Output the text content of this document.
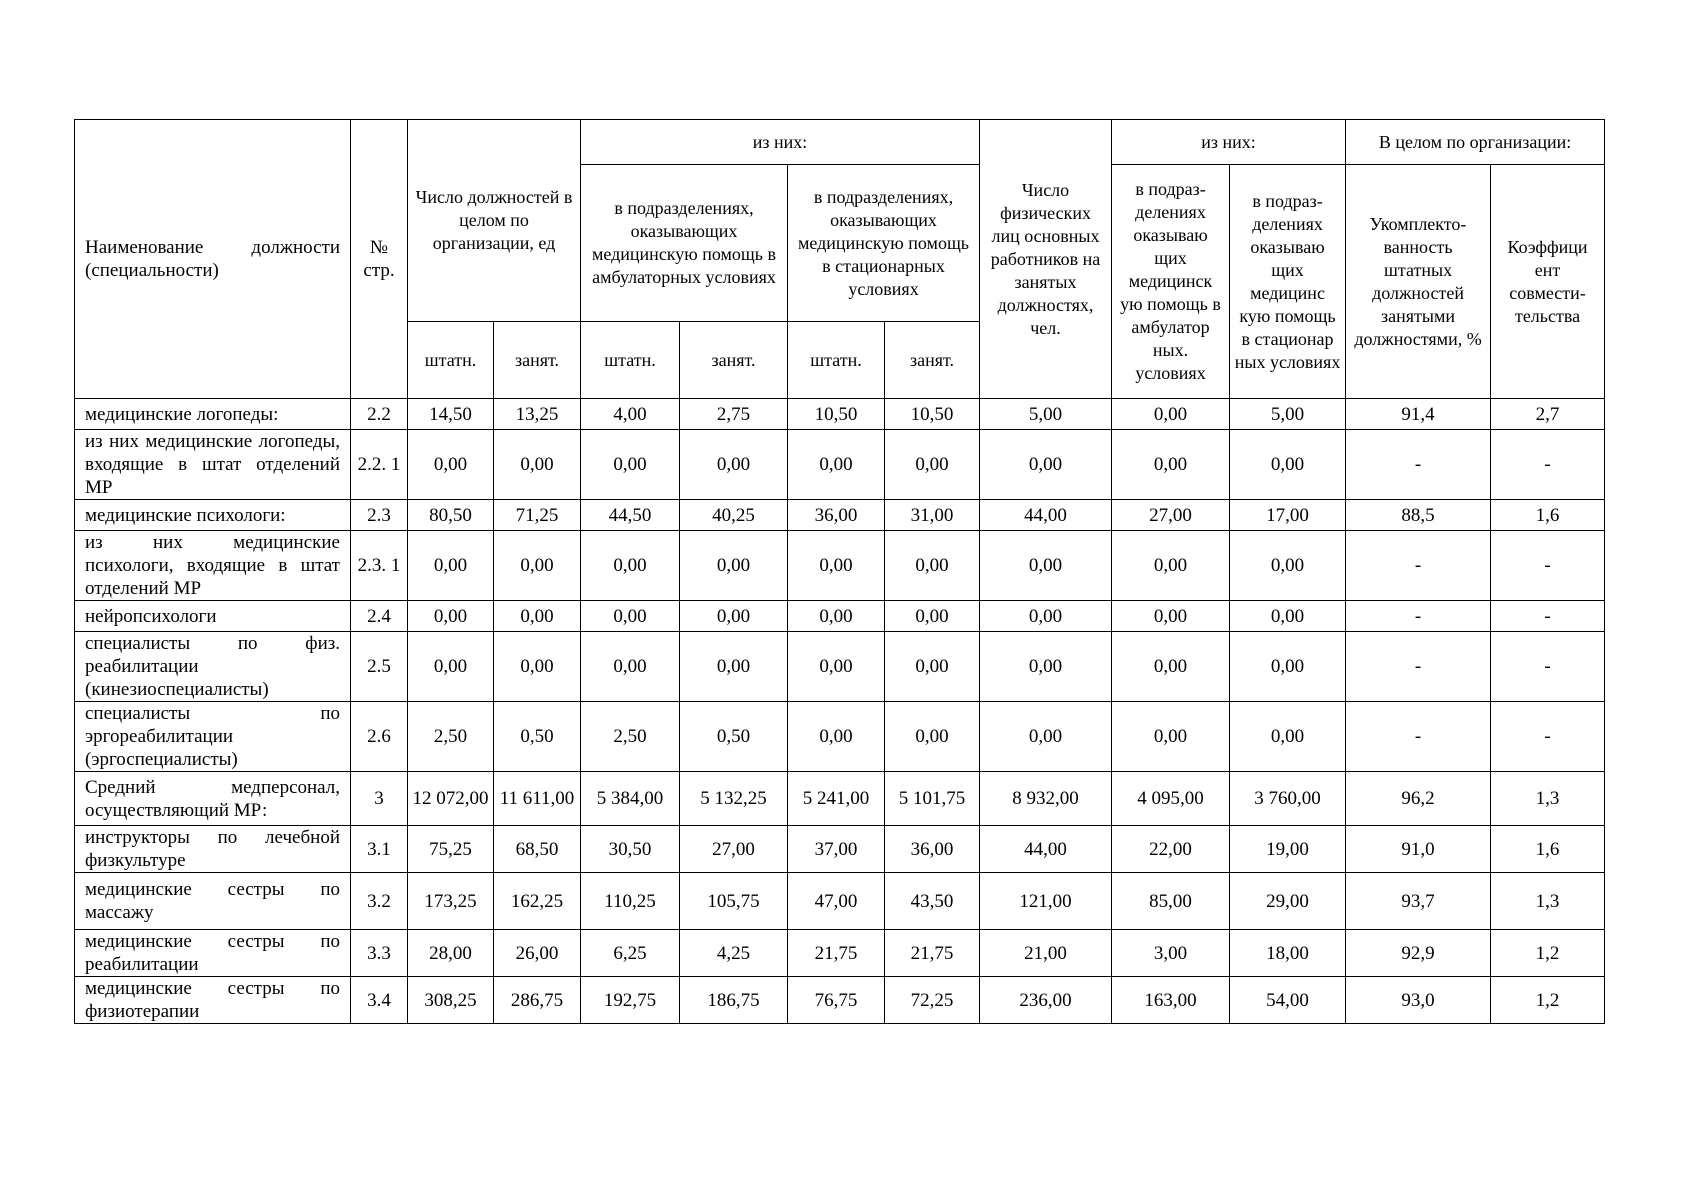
Наименование должности (специальности)	№ стр.	Число должностей в целом по организации, ед		из них:				Число физических лиц основных работников на занятых должностях, чел.	из них:		В целом по организации:	
				в подразделениях, оказывающих медицинскую помощь в амбулаторных условиях		в подразделениях, оказывающих медицинскую помощь в стационарных условиях			в подраз-делениях оказываю щих медицинск ую помощь в амбулатор ных. условиях	в подраз-делениях оказываю щих медицинс кую помощь в стационар ных условиях	Укомплекто-ванность штатных должностей занятыми должностями, %	Коэффици ент совмести-тельства
		штатн.	занят.	штатн.	занят.	штатн.	занят.					
медицинские логопеды:	2.2	14,50	13,25	4,00	2,75	10,50	10,50	5,00	0,00	5,00	91,4	2,7
из них медицинские логопеды, входящие в штат отделений МР	2.2. 1	0,00	0,00	0,00	0,00	0,00	0,00	0,00	0,00	0,00	-	-
медицинские психологи:	2.3	80,50	71,25	44,50	40,25	36,00	31,00	44,00	27,00	17,00	88,5	1,6
из них медицинские психологи, входящие в штат отделений МР	2.3. 1	0,00	0,00	0,00	0,00	0,00	0,00	0,00	0,00	0,00	-	-
нейропсихологи	2.4	0,00	0,00	0,00	0,00	0,00	0,00	0,00	0,00	0,00	-	-
специалисты по физ. реабилитации (кинезиоспециалисты)	2.5	0,00	0,00	0,00	0,00	0,00	0,00	0,00	0,00	0,00	-	-
специалисты по эргореабилитации (эргоспециалисты)	2.6	2,50	0,50	2,50	0,50	0,00	0,00	0,00	0,00	0,00	-	-
Средний медперсонал, осуществляющий МР:	3	12 072,00	11 611,00	5 384,00	5 132,25	5 241,00	5 101,75	8 932,00	4 095,00	3 760,00	96,2	1,3
инструкторы по лечебной физкультуре	3.1	75,25	68,50	30,50	27,00	37,00	36,00	44,00	22,00	19,00	91,0	1,6
медицинские сестры по массажу	3.2	173,25	162,25	110,25	105,75	47,00	43,50	121,00	85,00	29,00	93,7	1,3
медицинские сестры по реабилитации	3.3	28,00	26,00	6,25	4,25	21,75	21,75	21,00	3,00	18,00	92,9	1,2
медицинские сестры по физиотерапии	3.4	308,25	286,75	192,75	186,75	76,75	72,25	236,00	163,00	54,00	93,0	1,2
